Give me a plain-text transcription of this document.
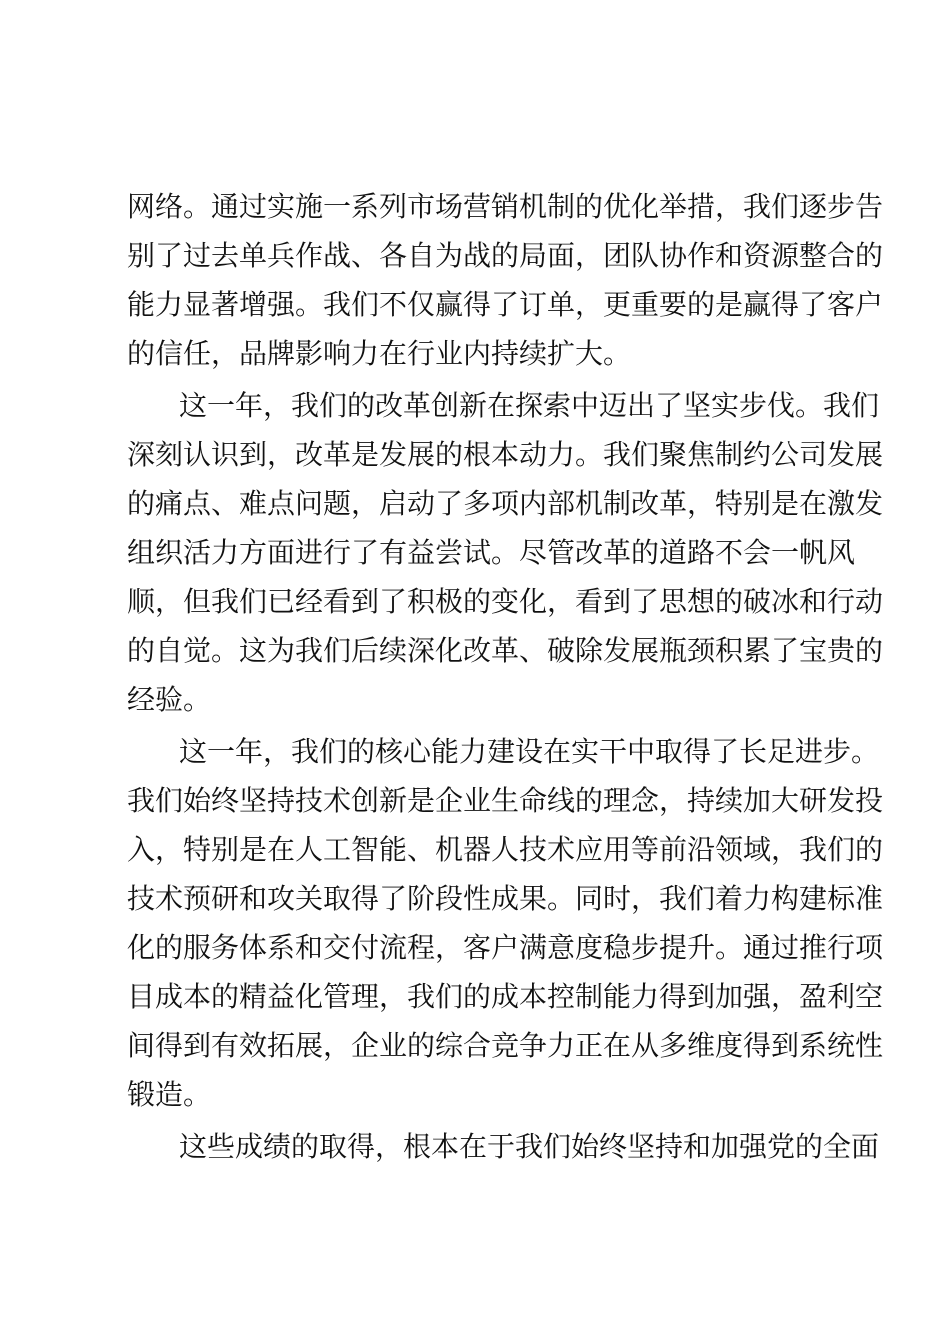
网络。通过实施一系列市场营销机制的优化举措，我们逐步告
别了过去单兵作战、各自为战的局面，团队协作和资源整合的
能力显著增强。我们不仅赢得了订单，更重要的是赢得了客户
的信任，品牌影响力在行业内持续扩大。
这一年，我们的改革创新在探索中迈出了坚实步伐。我们
深刻认识到，改革是发展的根本动力。我们聚焦制约公司发展
的痛点、难点问题，启动了多项内部机制改革，特别是在激发
组织活力方面进行了有益尝试。尽管改革的道路不会一帆风
顺，但我们已经看到了积极的变化，看到了思想的破冰和行动
的自觉。这为我们后续深化改革、破除发展瓶颈积累了宝贵的
经验。
这一年，我们的核心能力建设在实干中取得了长足进步。
我们始终坚持技术创新是企业生命线的理念，持续加大研发投
入，特别是在人工智能、机器人技术应用等前沿领域，我们的
技术预研和攻关取得了阶段性成果。同时，我们着力构建标准
化的服务体系和交付流程，客户满意度稳步提升。通过推行项
目成本的精益化管理，我们的成本控制能力得到加强，盈利空
间得到有效拓展，企业的综合竞争力正在从多维度得到系统性
锻造。
这些成绩的取得，根本在于我们始终坚持和加强党的全面
